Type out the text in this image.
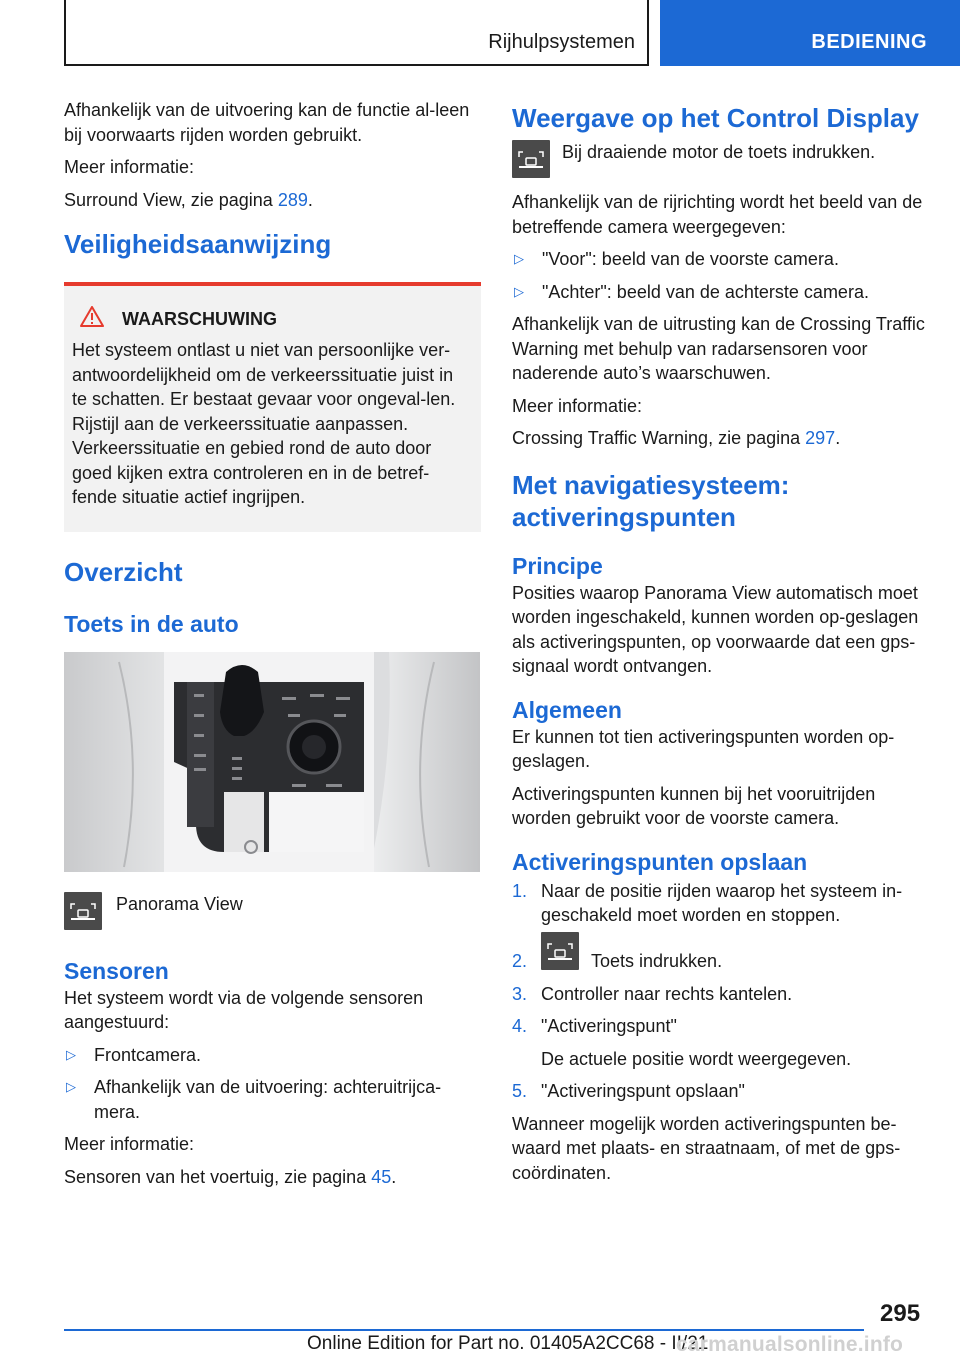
Rijhulpsystemen	BEDIENING

Afhankelijk van de uitvoering kan de functie al-leen bij voorwaarts rijden worden gebruikt.

Meer informatie:

Surround View, zie pagina 289.

Veiligheidsaanwijzing
WAARSCHUWING

Het systeem ontlast u niet van persoonlijke ver-antwoordelijkheid om de verkeerssituatie juist in te schatten. Er bestaat gevaar voor ongeval-len. Rijstijl aan de verkeerssituatie aanpassen. Verkeerssituatie en gebied rond de auto door goed kijken extra controleren en in de betref-fende situatie actief ingrijpen.

Overzicht
Toets in de auto
Panorama View
Sensoren

Het systeem wordt via de volgende sensoren aangestuurd:

▷	Frontcamera.
▷	Afhankelijk van de uitvoering: achteruitrijca-mera.

Meer informatie:

Sensoren van het voertuig, zie pagina 45.

Weergave op het Control Display
Bij draaiende motor de toets indrukken.

Afhankelijk van de rijrichting wordt het beeld van de betreffende camera weergegeven:

▷	"Voor": beeld van de voorste camera.
▷	"Achter": beeld van de achterste camera.

Afhankelijk van de uitrusting kan de Crossing Traffic Warning met behulp van radarsensoren voor naderende auto’s waarschuwen.

Meer informatie:

Crossing Traffic Warning, zie pagina 297.

Met navigatiesysteem:
activeringspunten
Principe

Posities waarop Panorama View automatisch moet worden ingeschakeld, kunnen worden op-geslagen als activeringspunten, op voorwaarde dat een gps-signaal wordt ontvangen.

Algemeen

Er kunnen tot tien activeringspunten worden op-geslagen.

Activeringspunten kunnen bij het vooruitrijden worden gebruikt voor de voorste camera.

Activeringspunten opslaan
1. Naar de positie rijden waarop het systeem in-geschakeld moet worden en stoppen.
2.	Toets indrukken.
3. Controller naar rechts kantelen.
4. "Activeringspunt"
De actuele positie wordt weergegeven.
5. "Activeringspunt opslaan"

Wanneer mogelijk worden activeringspunten be-waard met plaats- en straatnaam, of met de gps-coördinaten.

295
Online Edition for Part no. 01405A2CC68 - II/21
carmanualsonline.info
